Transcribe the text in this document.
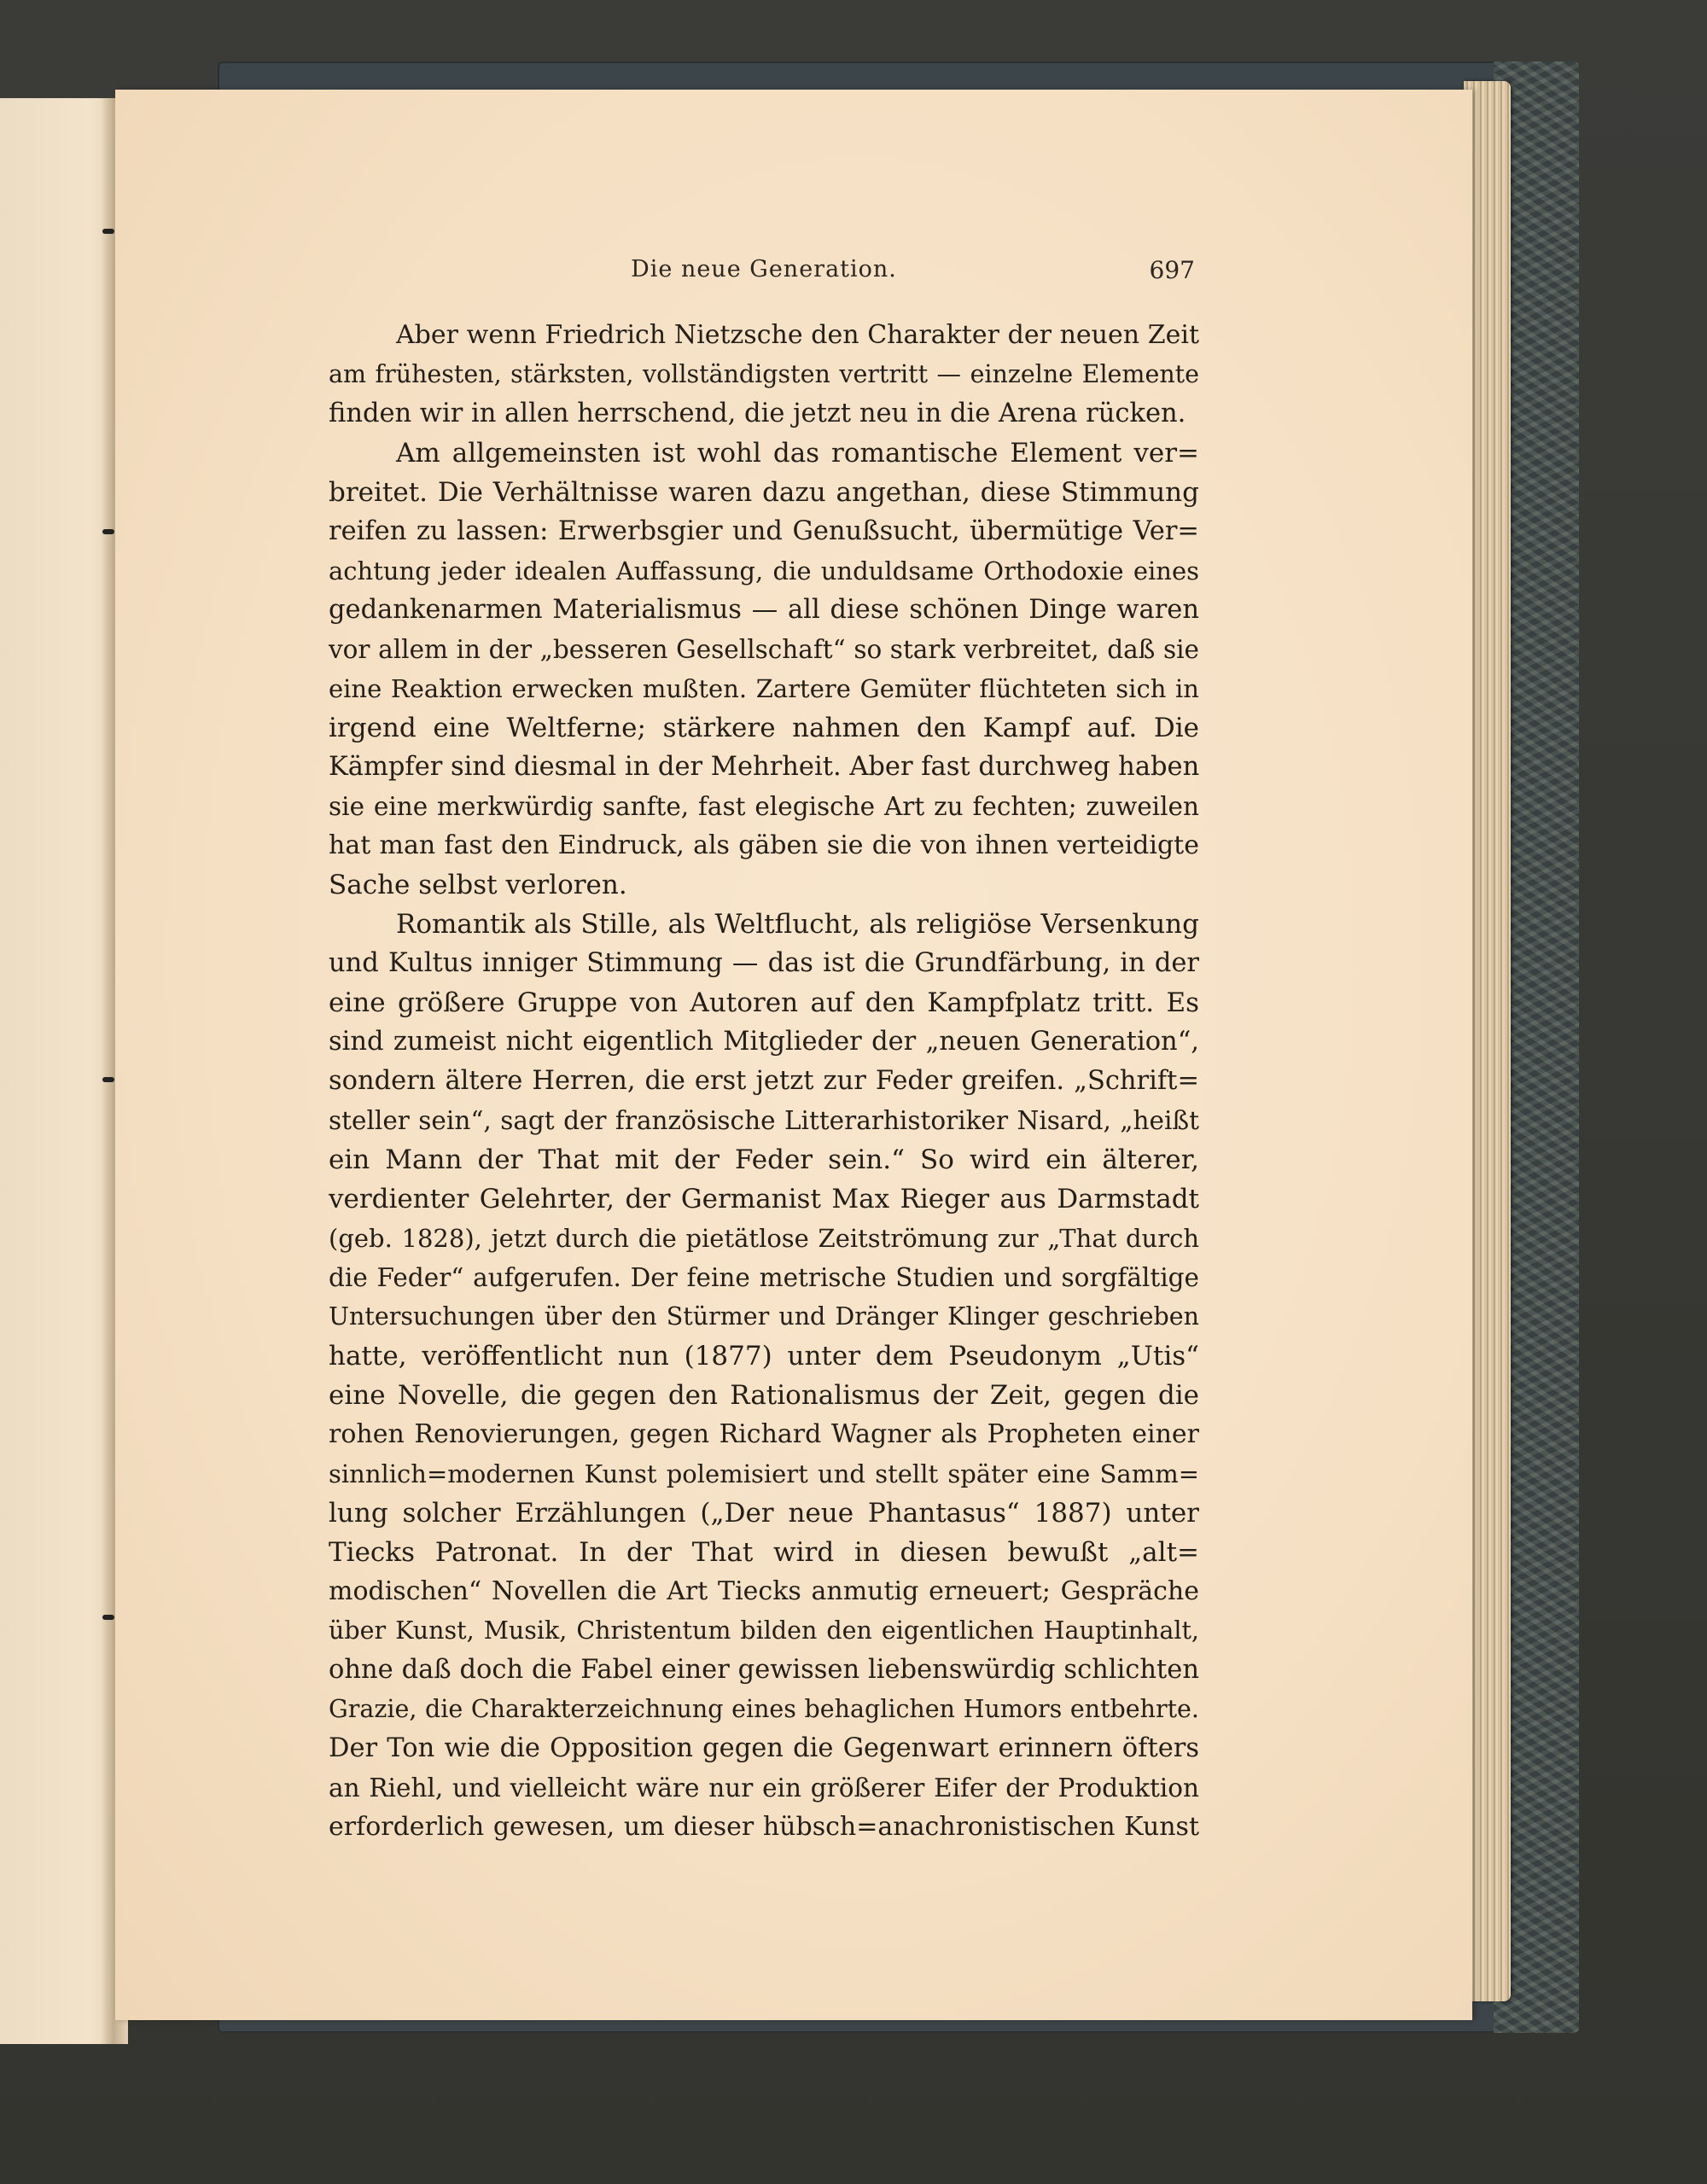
Die neue Generation.	697
Aber wenn Friedrich Nietzsche den Charakter der neuen Zeit
am frühesten, stärksten, vollständigsten vertritt — einzelne Elemente
finden wir in allen herrschend, die jetzt neu in die Arena rücken.
Am allgemeinsten ist wohl das romantische Element ver=
breitet. Die Verhältnisse waren dazu angethan, diese Stimmung
reifen zu lassen: Erwerbsgier und Genußsucht, übermütige Ver=
achtung jeder idealen Auffassung, die unduldsame Orthodoxie eines
gedankenarmen Materialismus — all diese schönen Dinge waren
vor allem in der „besseren Gesellschaft“ so stark verbreitet, daß sie
eine Reaktion erwecken mußten. Zartere Gemüter flüchteten sich in
irgend eine Weltferne; stärkere nahmen den Kampf auf. Die
Kämpfer sind diesmal in der Mehrheit. Aber fast durchweg haben
sie eine merkwürdig sanfte, fast elegische Art zu fechten; zuweilen
hat man fast den Eindruck, als gäben sie die von ihnen verteidigte
Sache selbst verloren.
Romantik als Stille, als Weltflucht, als religiöse Versenkung
und Kultus inniger Stimmung — das ist die Grundfärbung, in der
eine größere Gruppe von Autoren auf den Kampfplatz tritt. Es
sind zumeist nicht eigentlich Mitglieder der „neuen Generation“,
sondern ältere Herren, die erst jetzt zur Feder greifen. „Schrift=
steller sein“, sagt der französische Litterarhistoriker Nisard, „heißt
ein Mann der That mit der Feder sein.“ So wird ein älterer,
verdienter Gelehrter, der Germanist Max Rieger aus Darmstadt
(geb. 1828), jetzt durch die pietätlose Zeitströmung zur „That durch
die Feder“ aufgerufen. Der feine metrische Studien und sorgfältige
Untersuchungen über den Stürmer und Dränger Klinger geschrieben
hatte, veröffentlicht nun (1877) unter dem Pseudonym „Utis“
eine Novelle, die gegen den Rationalismus der Zeit, gegen die
rohen Renovierungen, gegen Richard Wagner als Propheten einer
sinnlich=modernen Kunst polemisiert und stellt später eine Samm=
lung solcher Erzählungen („Der neue Phantasus“ 1887) unter
Tiecks Patronat. In der That wird in diesen bewußt „alt=
modischen“ Novellen die Art Tiecks anmutig erneuert; Gespräche
über Kunst, Musik, Christentum bilden den eigentlichen Hauptinhalt,
ohne daß doch die Fabel einer gewissen liebenswürdig schlichten
Grazie, die Charakterzeichnung eines behaglichen Humors entbehrte.
Der Ton wie die Opposition gegen die Gegenwart erinnern öfters
an Riehl, und vielleicht wäre nur ein größerer Eifer der Produktion
erforderlich gewesen, um dieser hübsch=anachronistischen Kunst
